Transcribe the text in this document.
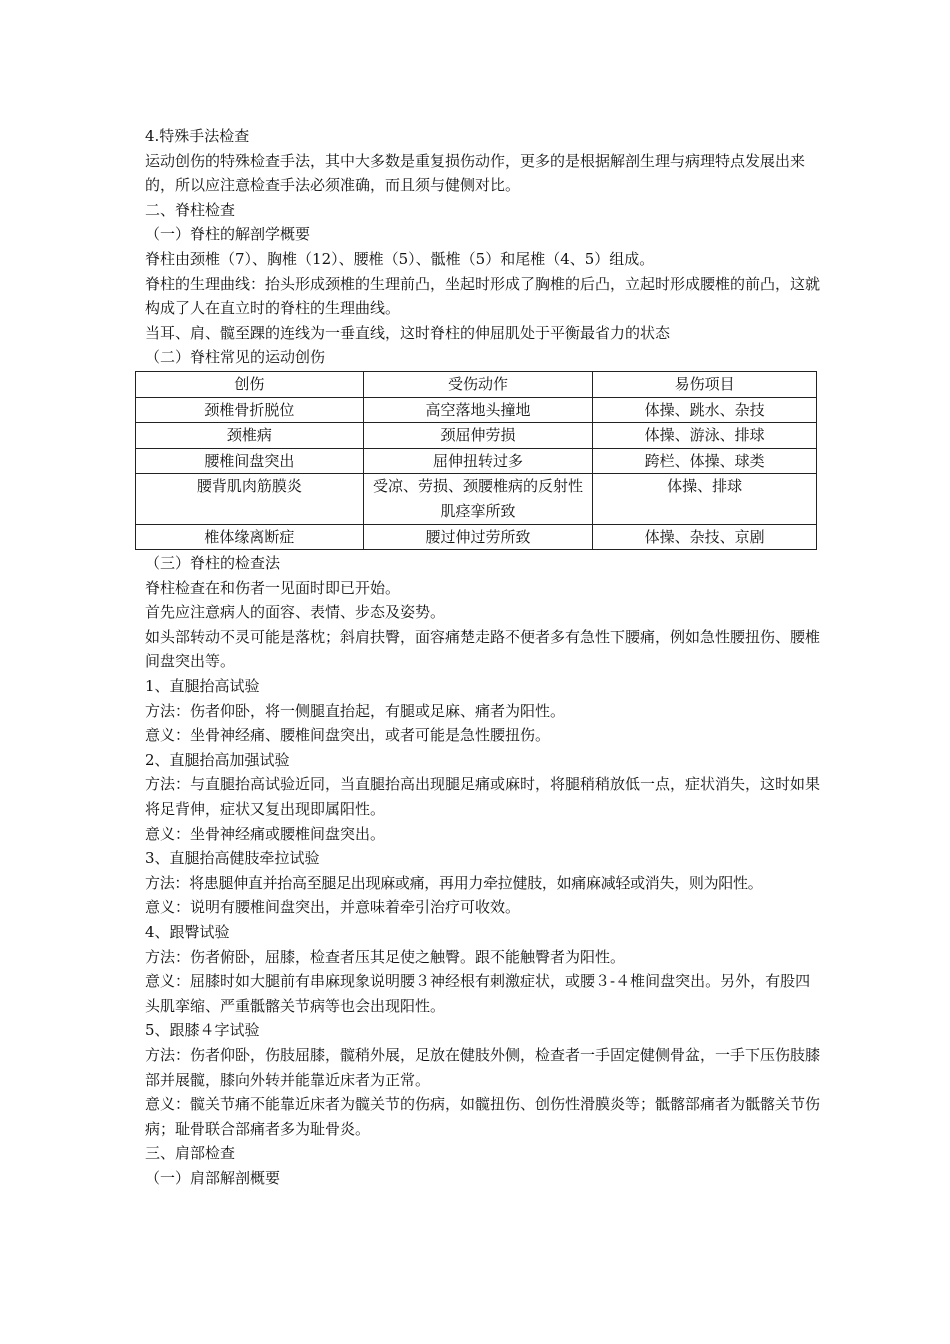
4.特殊手法检查

运动创伤的特殊检查手法，其中大多数是重复损伤动作，更多的是根据解剖生理与病理特点发展出来的，所以应注意检查手法必须准确，而且须与健侧对比。

二、脊柱检查

（一）脊柱的解剖学概要

脊柱由颈椎（7）、胸椎（12）、腰椎（5）、骶椎（5）和尾椎（4、5）组成。

脊柱的生理曲线：抬头形成颈椎的生理前凸，坐起时形成了胸椎的后凸，立起时形成腰椎的前凸，这就构成了人在直立时的脊柱的生理曲线。

当耳、肩、髋至踝的连线为一垂直线，这时脊柱的伸屈肌处于平衡最省力的状态

（二）脊柱常见的运动创伤

创伤	受伤动作	易伤项目
颈椎骨折脱位	高空落地头撞地	体操、跳水、杂技
颈椎病	颈屈伸劳损	体操、游泳、排球
腰椎间盘突出	屈伸扭转过多	跨栏、体操、球类
腰背肌肉筋膜炎	受凉、劳损、颈腰椎病的反射性肌痉挛所致	体操、排球
椎体缘离断症	腰过伸过劳所致	体操、杂技、京剧

（三）脊柱的检查法

脊柱检查在和伤者一见面时即已开始。

首先应注意病人的面容、表情、步态及姿势。

如头部转动不灵可能是落枕；斜肩扶臀，面容痛楚走路不便者多有急性下腰痛，例如急性腰扭伤、腰椎间盘突出等。

1、直腿抬高试验

方法：伤者仰卧，将一侧腿直抬起，有腿或足麻、痛者为阳性。

意义：坐骨神经痛、腰椎间盘突出，或者可能是急性腰扭伤。

2、直腿抬高加强试验

方法：与直腿抬高试验近同，当直腿抬高出现腿足痛或麻时，将腿稍稍放低一点，症状消失，这时如果将足背伸，症状又复出现即属阳性。

意义：坐骨神经痛或腰椎间盘突出。

3、直腿抬高健肢牵拉试验

方法：将患腿伸直并抬高至腿足出现麻或痛，再用力牵拉健肢，如痛麻减轻或消失，则为阳性。

意义：说明有腰椎间盘突出，并意味着牵引治疗可收效。

4、跟臀试验

方法：伤者俯卧，屈膝，检查者压其足使之触臀。跟不能触臀者为阳性。

意义：屈膝时如大腿前有串麻现象说明腰３神经根有刺激症状，或腰３-４椎间盘突出。另外，有股四头肌挛缩、严重骶髂关节病等也会出现阳性。

5、跟膝４字试验

方法：伤者仰卧，伤肢屈膝，髋稍外展，足放在健肢外侧，检查者一手固定健侧骨盆，一手下压伤肢膝部并展髋，膝向外转并能靠近床者为正常。

意义：髋关节痛不能靠近床者为髋关节的伤病，如髋扭伤、创伤性滑膜炎等；骶髂部痛者为骶髂关节伤病；耻骨联合部痛者多为耻骨炎。

三、肩部检查

（一）肩部解剖概要
